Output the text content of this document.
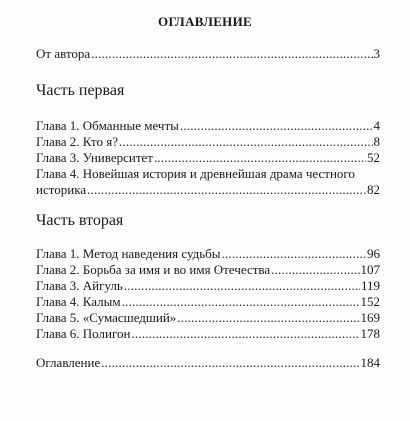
ОГЛАВЛЕНИЕ
От автора .....	3
Часть первая
Глава 1. Обманные мечты .....	4
Глава 2. Кто я? .....	8
Глава 3. Университет .....	52
Глава 4. Новейшая история и древнейшая драма честного
историка .....	82
Часть вторая
Глава 1. Метод наведения судьбы .....	96
Глава 2. Борьба за имя и во имя Отечества .....	107
Глава 3. Айгуль .....	119
Глава 4. Калым .....	152
Глава 5. «Сумасшедший» .....	169
Глава 6. Полигон .....	178
Оглавление .....	184
